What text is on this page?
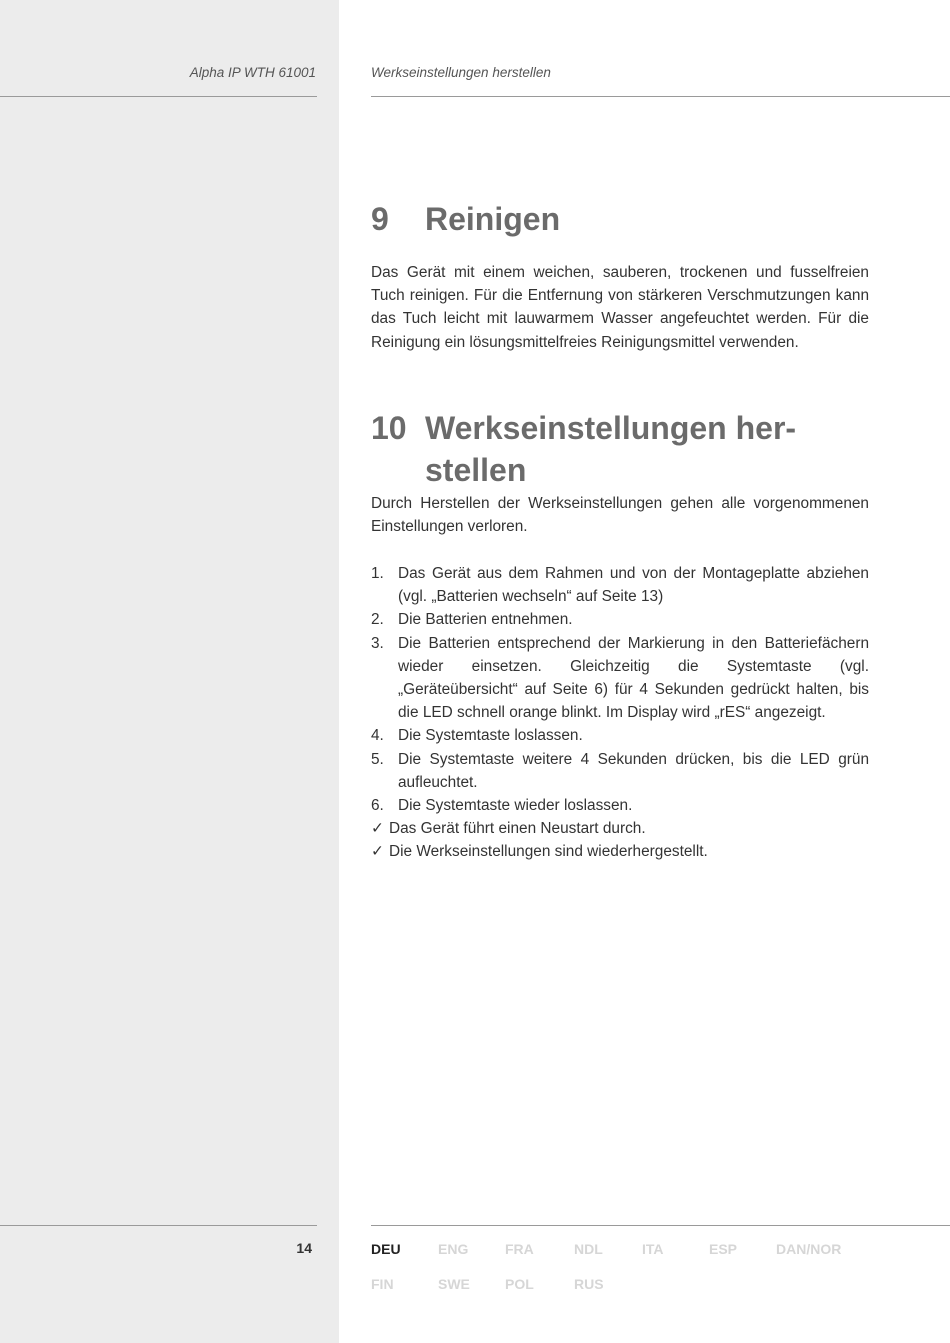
Alpha IP WTH 61001	Werkseinstellungen herstellen
9	Reinigen

Das Gerät mit einem weichen, sauberen, trockenen und fusselfreien Tuch reinigen. Für die Entfernung von stärkeren Verschmutzungen kann das Tuch leicht mit lauwarmem Wasser angefeuchtet werden. Für die Reinigung ein lösungsmittelfreies Reinigungsmittel verwenden.

10 Werkseinstellungen her-
stellen

Durch Herstellen der Werkseinstellungen gehen alle vorgenommenen Einstellungen verloren.

1. Das Gerät aus dem Rahmen und von der Montageplatte abziehen (vgl. „Batterien wechseln“ auf Seite 13)
2. Die Batterien entnehmen.
3. Die Batterien entsprechend der Markierung in den Batteriefächern wieder einsetzen. Gleichzeitig die Systemtaste (vgl. „Geräteübersicht“ auf Seite 6) für 4 Sekunden gedrückt halten, bis die LED schnell orange blinkt. Im Display wird „rES“ angezeigt.
4. Die Systemtaste loslassen.
5. Die Systemtaste weitere 4 Sekunden drücken, bis die LED grün aufleuchtet.
6. Die Systemtaste wieder loslassen.
✓ Das Gerät führt einen Neustart durch.
✓ Die Werkseinstellungen sind wiederhergestellt.
14	DEU	ENG	FRA	NDL	ITA	ESP	DAN/NOR
FIN	SWE	POL	RUS
